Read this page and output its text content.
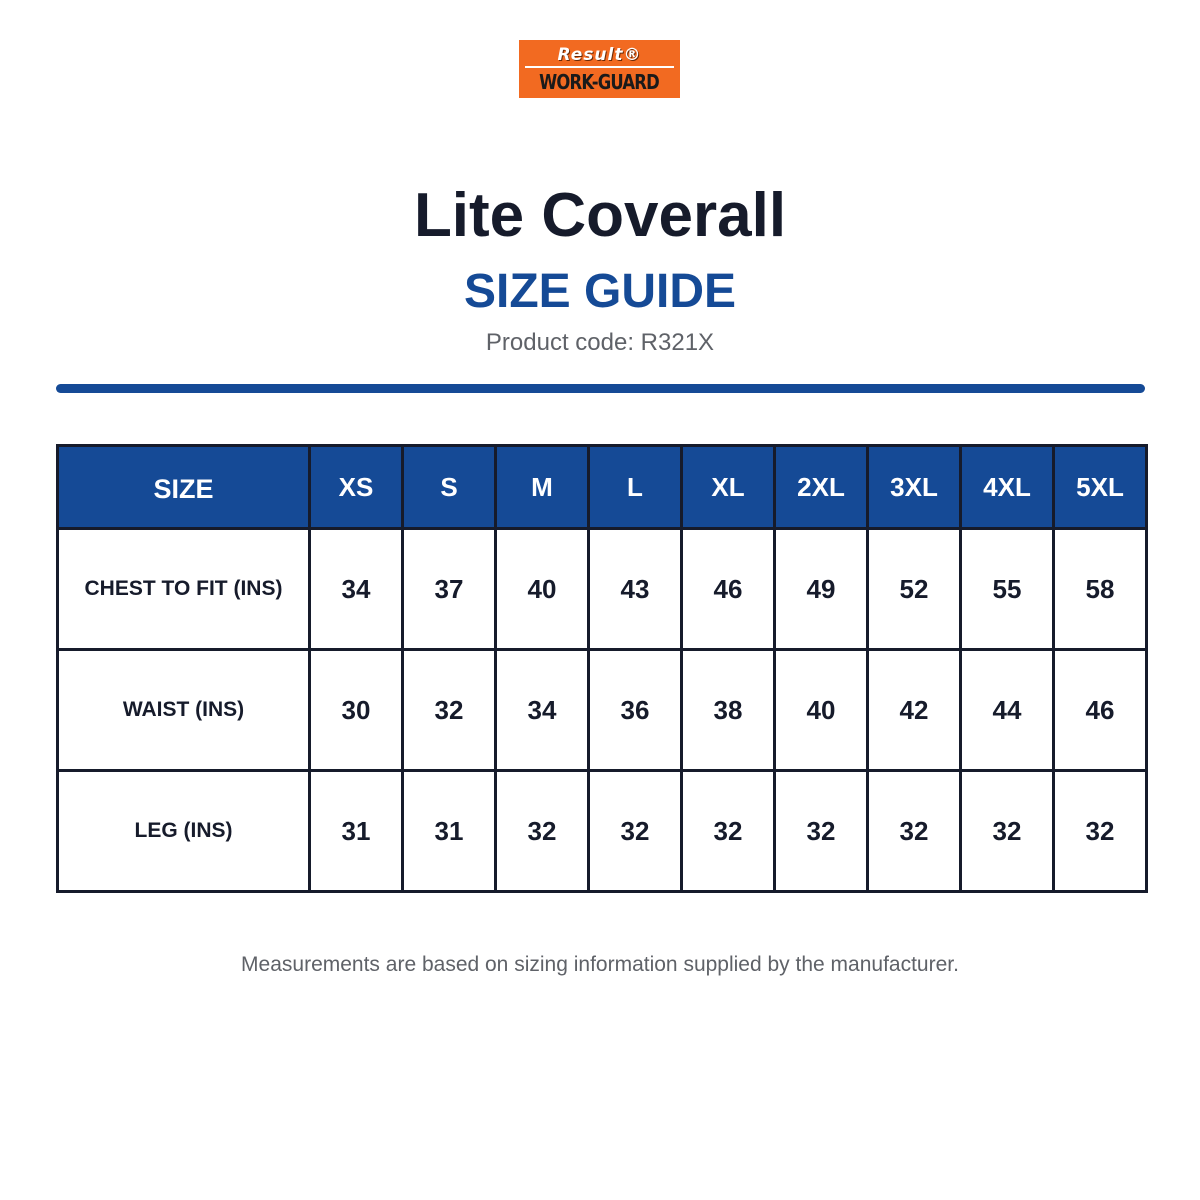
Result®
WORK-GUARD
Lite Coverall
SIZE GUIDE
Product code: R321X
SIZE	XS	S	M	L	XL	2XL	3XL	4XL	5XL
CHEST TO FIT (INS)	34	37	40	43	46	49	52	55	58
WAIST (INS)	30	32	34	36	38	40	42	44	46
LEG (INS)	31	31	32	32	32	32	32	32	32
Measurements are based on sizing information supplied by the manufacturer.
